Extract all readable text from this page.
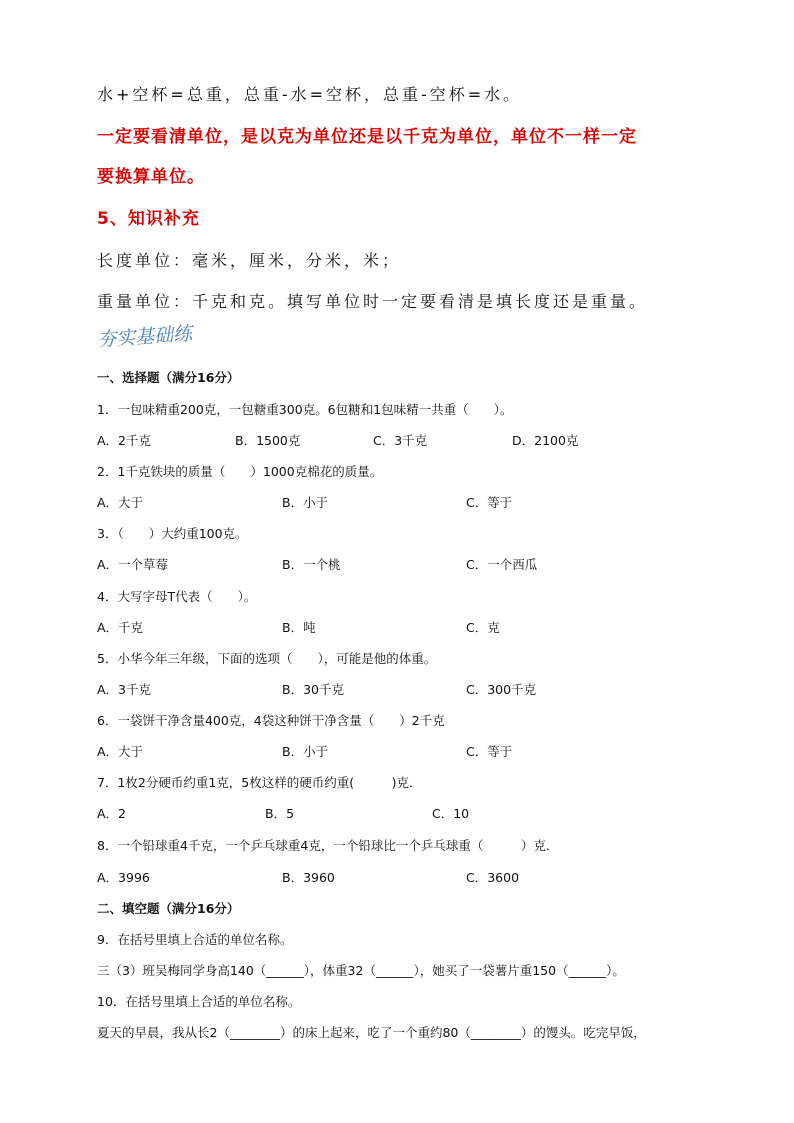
水+空杯=总重，总重-水=空杯，总重-空杯=水。
一定要看清单位，是以克为单位还是以千克为单位，单位不一样一定
要换算单位。
5、知识补充
长度单位：毫米，厘米，分米，米；
重量单位：千克和克。填写单位时一定要看清是填长度还是重量。
夯实基础练
一、选择题（满分16分）
1．一包味精重200克，一包糖重300克。6包糖和1包味精一共重（　　）。
A．2千克	B．1500克	C．3千克	D．2100克
2．1千克铁块的质量（　　）1000克棉花的质量。
A．大于	B．小于	C．等于
3．（　　）大约重100克。
A．一个草莓	B．一个桃	C．一个西瓜
4．大写字母T代表（　　）。
A．千克	B．吨	C．克
5．小华今年三年级，下面的选项（　　），可能是他的体重。
A．3千克	B．30千克	C．300千克
6．一袋饼干净含量400克，4袋这种饼干净含量（　　）2千克
A．大于	B．小于	C．等于
7．1枚2分硬币约重1克，5枚这样的硬币约重(　　　)克．
A．2	B．5	C．10
8．一个铅球重4千克，一个乒乓球重4克，一个铅球比一个乒乓球重（　　　）克．
A．3996	B．3960	C．3600
二、填空题（满分16分）
9．在括号里填上合适的单位名称。
三（3）班吴梅同学身高140（______），体重32（______），她买了一袋薯片重150（______）。
10．在括号里填上合适的单位名称。
夏天的早晨，我从长2（________）的床上起来，吃了一个重约80（________）的馒头。吃完早饭，
